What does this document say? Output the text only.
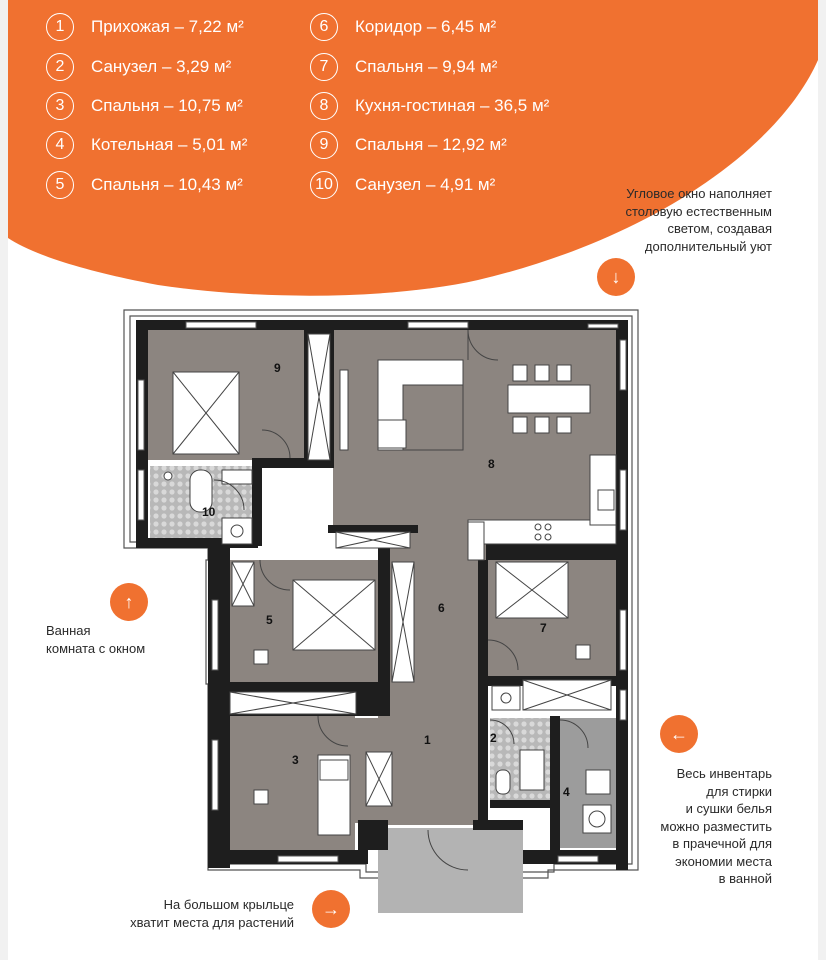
1	Прихожая – 7,22 м²
2	Санузел – 3,29 м²
3	Спальня – 10,75 м²
4	Котельная – 5,01 м²
5	Спальня – 10,43 м²
6	Коридор – 6,45 м²
7	Спальня – 9,94 м²
8	Кухня-гостиная – 36,5 м²
9	Спальня – 12,92 м²
10	Санузел – 4,91 м²	Угловое окно наполняет
столовую естественным
светом, создавая
дополнительный уют
↓
↑
Ванная
комната с окном
←
Весь инвентарь
для стирки
и сушки белья
можно разместить
в прачечной для
экономии места
в ванной
На большом крыльце
хватит места для растений
→
9
8
10
5
6
7
3
1	2
4
